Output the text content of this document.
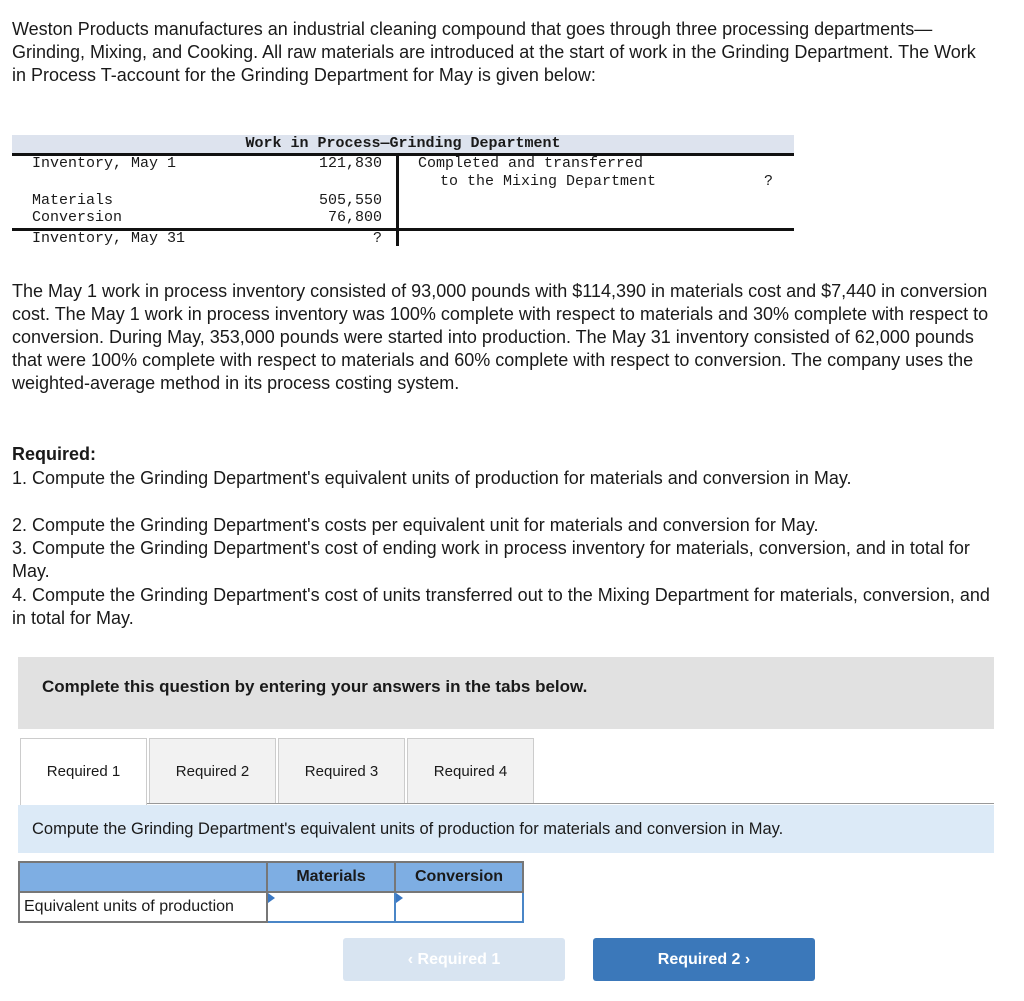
Weston Products manufactures an industrial cleaning compound that goes through three processing departments—Grinding, Mixing, and Cooking. All raw materials are introduced at the start of work in the Grinding Department. The Work in Process T-account for the Grinding Department for May is given below:
Work in Process—Grinding Department
Inventory, May 1	121,830 Completed and transferred
to the Mixing Department	?
Materials	505,550
Conversion	76,800
Inventory, May 31	?
The May 1 work in process inventory consisted of 93,000 pounds with $114,390 in materials cost and $7,440 in conversion cost. The May 1 work in process inventory was 100% complete with respect to materials and 30% complete with respect to conversion. During May, 353,000 pounds were started into production. The May 31 inventory consisted of 62,000 pounds that were 100% complete with respect to materials and 60% complete with respect to conversion. The company uses the weighted-average method in its process costing system.
Required:
1. Compute the Grinding Department's equivalent units of production for materials and conversion in May.
2. Compute the Grinding Department's costs per equivalent unit for materials and conversion for May.
3. Compute the Grinding Department's cost of ending work in process inventory for materials, conversion, and in total for May.
4. Compute the Grinding Department's cost of units transferred out to the Mixing Department for materials, conversion, and in total for May.
Complete this question by entering your answers in the tabs below.
Required 1	Required 2	Required 3	Required 4
Compute the Grinding Department's equivalent units of production for materials and conversion in May.
	Materials	Conversion
Equivalent units of production		
‹ Required 1	Required 2 ›
